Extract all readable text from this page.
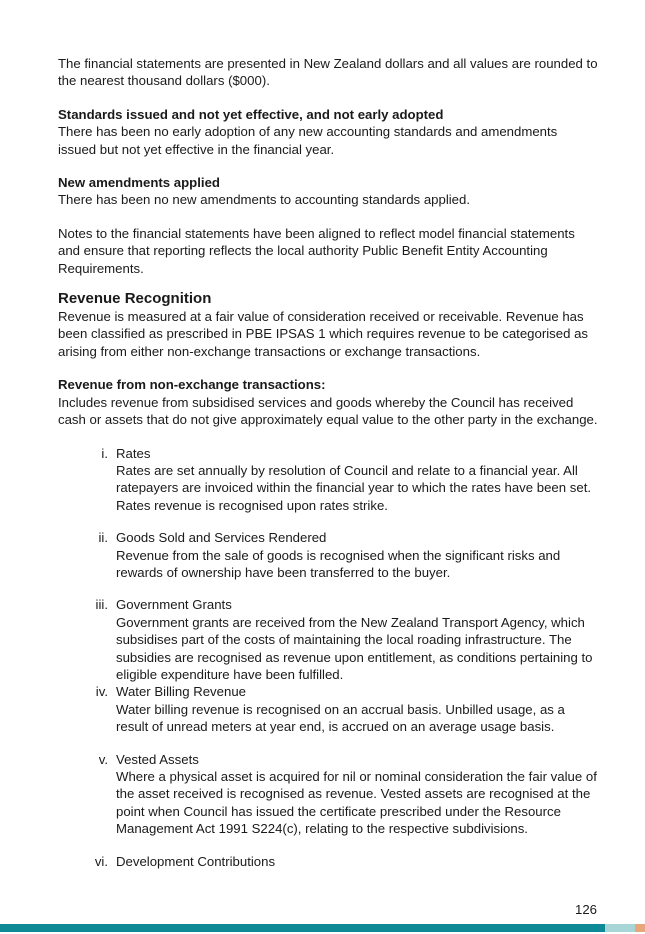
The financial statements are presented in New Zealand dollars and all values are rounded to the nearest thousand dollars ($000).

Standards issued and not yet effective, and not early adopted

There has been no early adoption of any new accounting standards and amendments issued but not yet effective in the financial year.

New amendments applied

There has been no new amendments to accounting standards applied.

Notes to the financial statements have been aligned to reflect model financial statements and ensure that reporting reflects the local authority Public Benefit Entity Accounting Requirements.

Revenue Recognition

Revenue is measured at a fair value of consideration received or receivable. Revenue has been classified as prescribed in PBE IPSAS 1 which requires revenue to be categorised as arising from either non-exchange transactions or exchange transactions.

Revenue from non-exchange transactions:

Includes revenue from subsidised services and goods whereby the Council has received cash or assets that do not give approximately equal value to the other party in the exchange.

i. Rates
Rates are set annually by resolution of Council and relate to a financial year. All ratepayers are invoiced within the financial year to which the rates have been set. Rates revenue is recognised upon rates strike.
ii. Goods Sold and Services Rendered
Revenue from the sale of goods is recognised when the significant risks and rewards of ownership have been transferred to the buyer.
iii. Government Grants
Government grants are received from the New Zealand Transport Agency, which subsidises part of the costs of maintaining the local roading infrastructure. The subsidies are recognised as revenue upon entitlement, as conditions pertaining to eligible expenditure have been fulfilled.
iv. Water Billing Revenue
Water billing revenue is recognised on an accrual basis. Unbilled usage, as a result of unread meters at year end, is accrued on an average usage basis.
v. Vested Assets
Where a physical asset is acquired for nil or nominal consideration the fair value of the asset received is recognised as revenue. Vested assets are recognised at the point when Council has issued the certificate prescribed under the Resource Management Act 1991 S224(c), relating to the respective subdivisions.
vi. Development Contributions
126
